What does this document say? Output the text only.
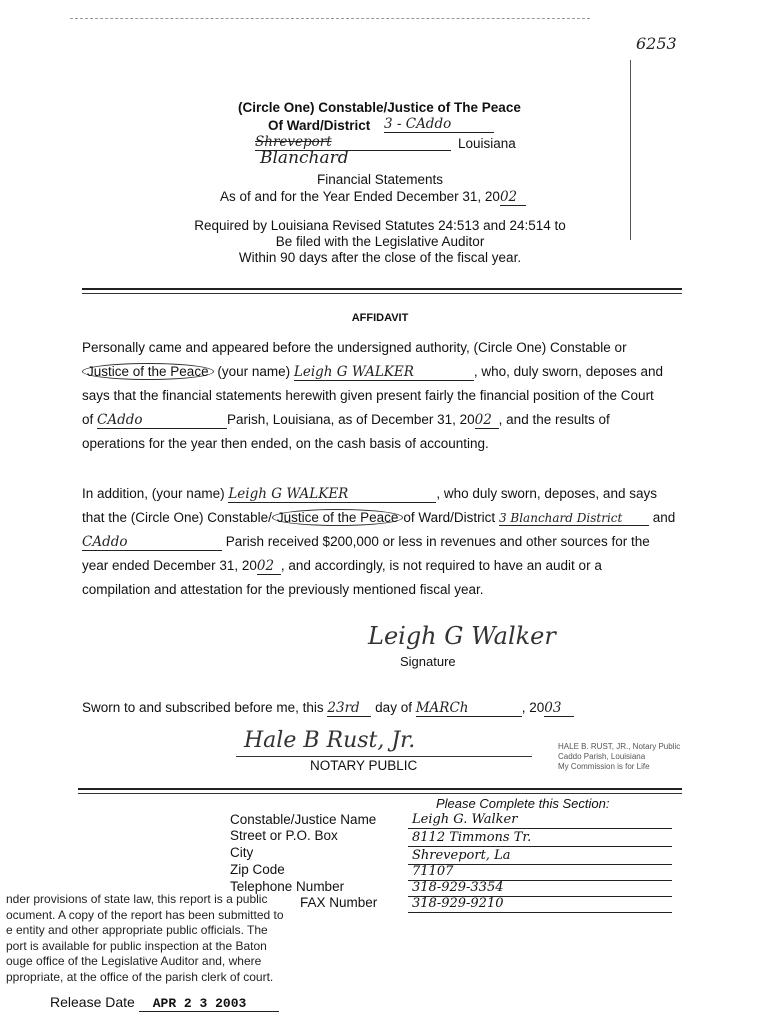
6253
(Circle One) Constable/Justice of The Peace
Of Ward/District 3 - CAddo
Shreveport	Louisiana
Blanchard
Financial Statements
As of and for the Year Ended December 31, 2002
Required by Louisiana Revised Statutes 24:513 and 24:514 to
Be filed with the Legislative Auditor
Within 90 days after the close of the fiscal year.
AFFIDAVIT
Personally came and appeared before the undersigned authority, (Circle One) Constable or
Justice of the Peace (your name) Leigh G WALKER	, who, duly sworn, deposes and
says that the financial statements herewith given present fairly the financial position of the Court
of CAddo	Parish, Louisiana, as of December 31, 2002 , and the results of
operations for the year then ended, on the cash basis of accounting.
In addition, (your name) Leigh G WALKER	, who duly sworn, deposes, and says
that the (Circle One) Constable/ Justice of the Peace of Ward/District 3 Blanchard District and
CAddo	Parish received $200,000 or less in revenues and other sources for the
year ended December 31, 2002 , and accordingly, is not required to have an audit or a
compilation and attestation for the previously mentioned fiscal year.
Leigh G Walker
Signature
Sworn to and subscribed before me, this 23rd day of MARCh	, 2003
Hale B Rust, Jr.
NOTARY PUBLIC
HALE B. RUST, JR., Notary Public
Caddo Parish, Louisiana
My Commission is for Life
Please Complete this Section:
Constable/Justice Name	Leigh G. Walker
Street or P.O. Box	8112 Timmons Tr.
City	Shreveport, La
Zip Code	71107
Telephone Number	318-929-3354
FAX Number	318-929-9210
nder provisions of state law, this report is a public
ocument. A copy of the report has been submitted to
e entity and other appropriate public officials. The
port is available for public inspection at the Baton
ouge office of the Legislative Auditor and, where
ppropriate, at the office of the parish clerk of court.
Release Date APR 2 3 2003
